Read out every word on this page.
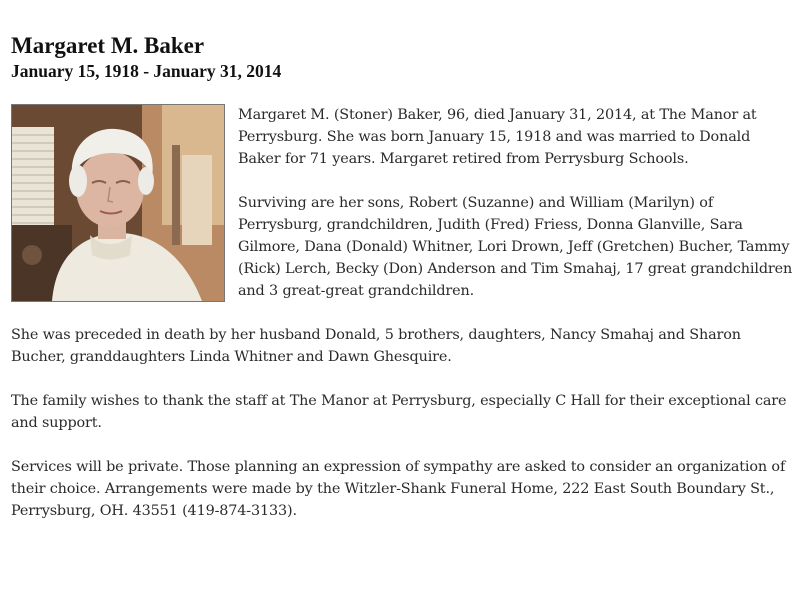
Margaret M. Baker
January 15, 1918 - January 31, 2014

Margaret M. (Stoner) Baker, 96, died January 31, 2014, at The Manor at Perrysburg. She was born January 15, 1918 and was married to Donald Baker for 71 years. Margaret retired from Perrysburg Schools.

Surviving are her sons, Robert (Suzanne) and William (Marilyn) of Perrysburg, grandchildren, Judith (Fred) Friess, Donna Glanville, Sara Gilmore, Dana (Donald) Whitner, Lori Drown, Jeff (Gretchen) Bucher, Tammy (Rick) Lerch, Becky (Don) Anderson and Tim Smahaj, 17 great grandchildren and 3 great-great grandchildren.

She was preceded in death by her husband Donald, 5 brothers, daughters, Nancy Smahaj and Sharon Bucher, granddaughters Linda Whitner and Dawn Ghesquire.

The family wishes to thank the staff at The Manor at Perrysburg, especially C Hall for their exceptional care and support.

Services will be private. Those planning an expression of sympathy are asked to consider an organization of their choice. Arrangements were made by the Witzler-Shank Funeral Home, 222 East South Boundary St., Perrysburg, OH. 43551 (419-874-3133).
